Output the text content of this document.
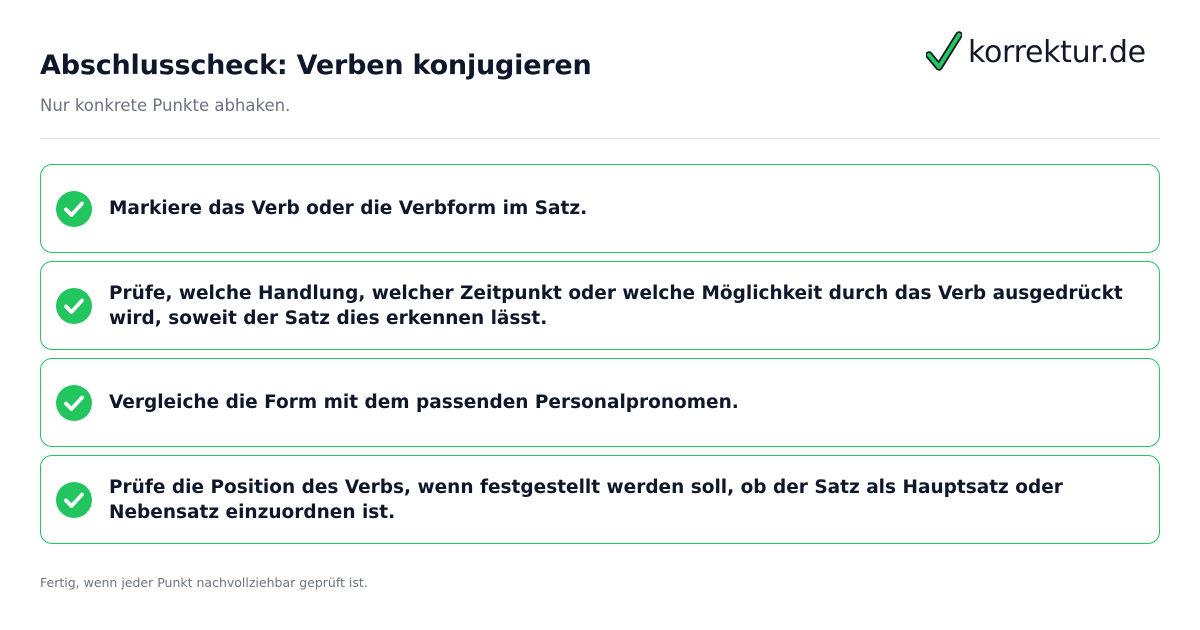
Abschlusscheck: Verben konjugieren
Nur konkrete Punkte abhaken.
korrektur.de
Markiere das Verb oder die Verbform im Satz.
Prüfe, welche Handlung, welcher Zeitpunkt oder welche Möglichkeit durch das Verb ausgedrückt wird, soweit der Satz dies erkennen lässt.
Vergleiche die Form mit dem passenden Personalpronomen.
Prüfe die Position des Verbs, wenn festgestellt werden soll, ob der Satz als Hauptsatz oder Nebensatz einzuordnen ist.
Fertig, wenn jeder Punkt nachvollziehbar geprüft ist.
